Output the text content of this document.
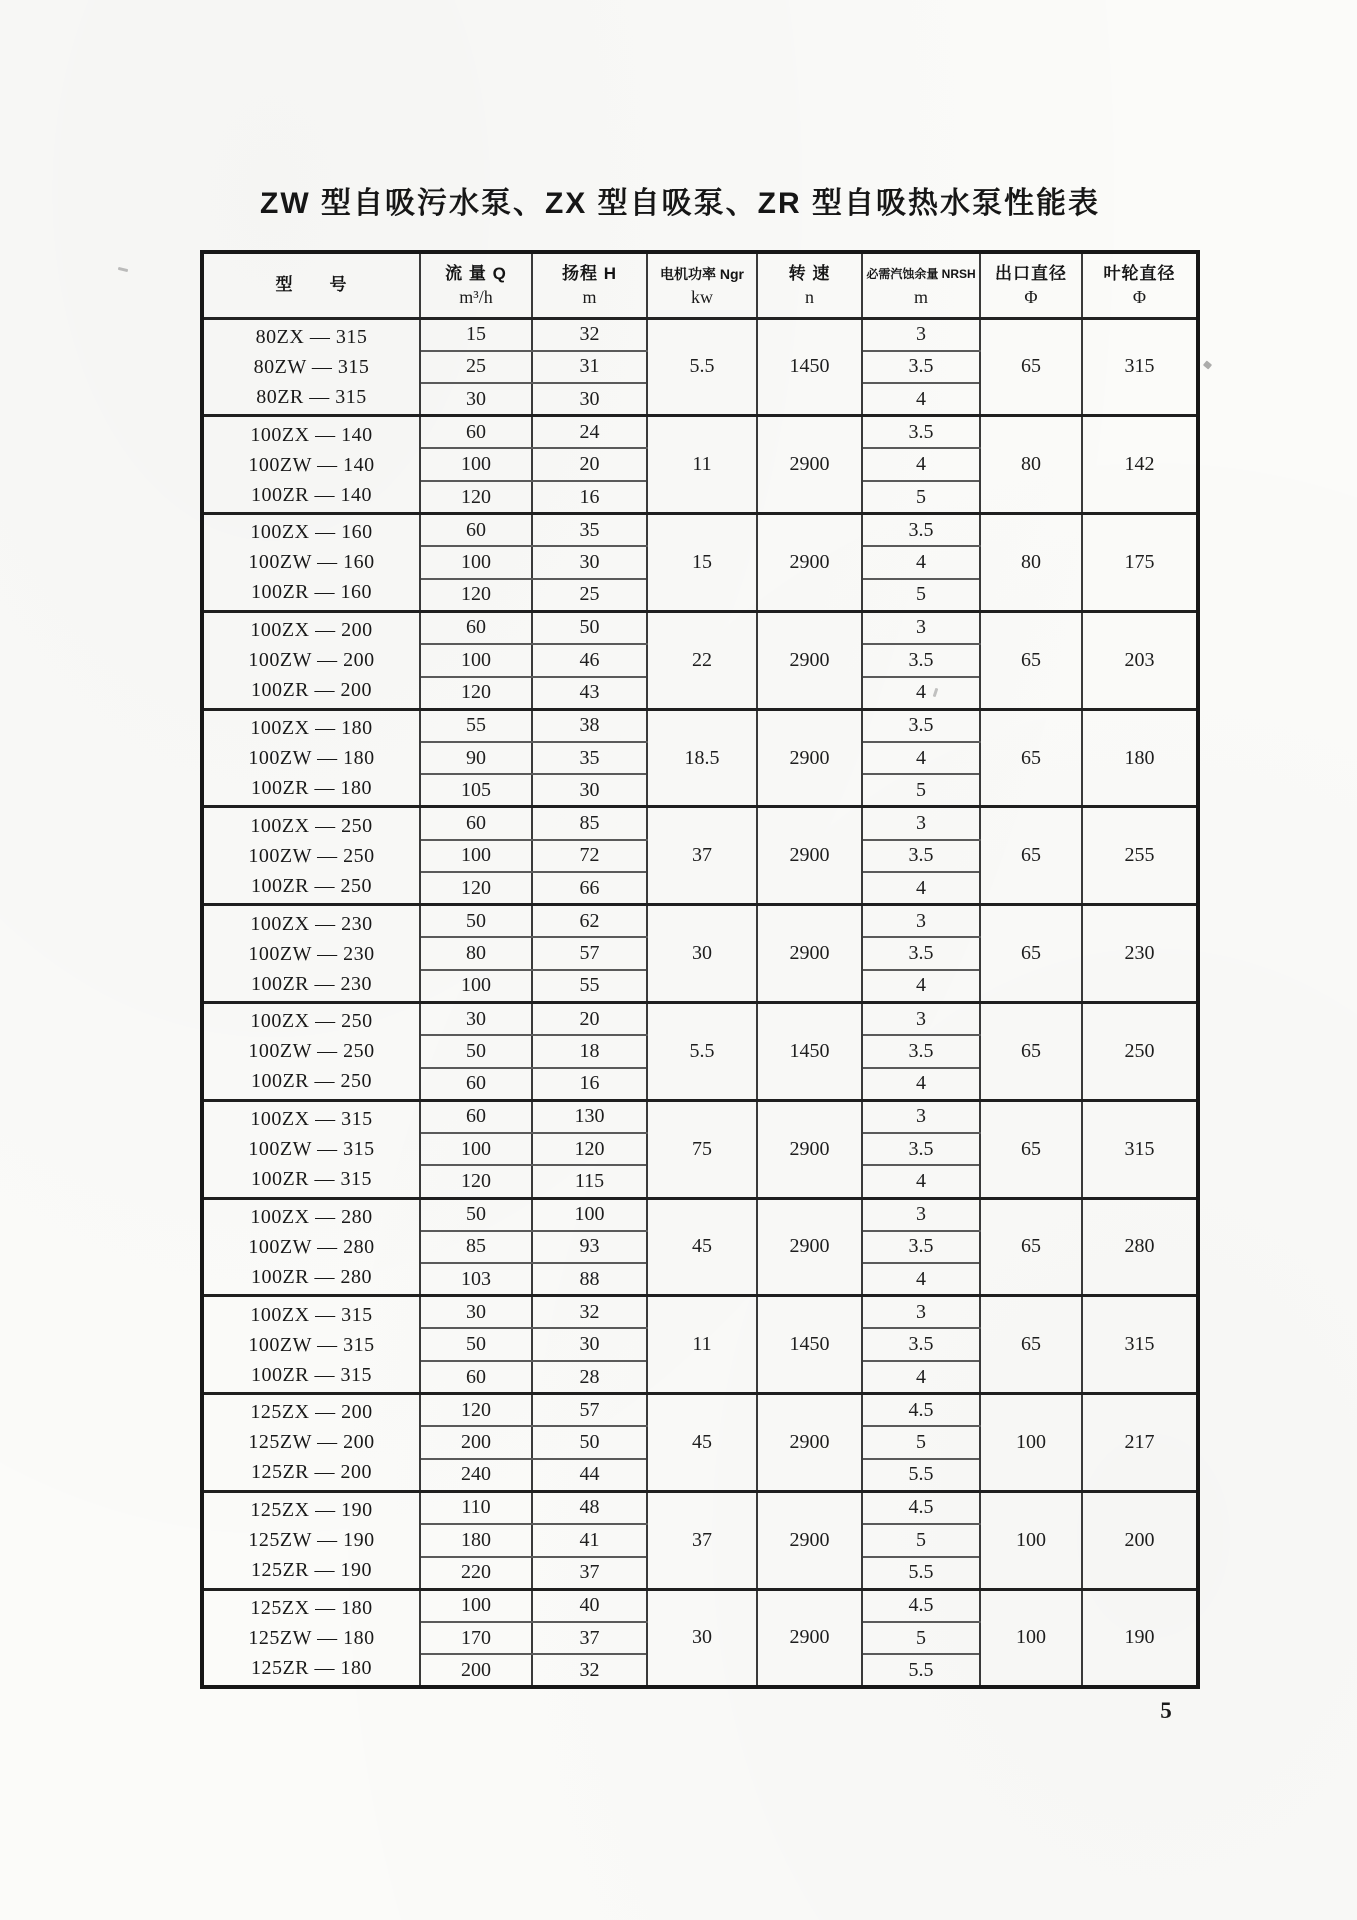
ZW 型自吸污水泵、ZX 型自吸泵、ZR 型自吸热水泵性能表
型　　号

流 量 Q
m³/h

扬程 H
m

电机功率 Ngr
kw

转 速
n

必需汽蚀余量 NRSH
m

出口直径
Φ

叶轮直径
Φ

80ZX — 315
80ZW — 315
80ZR — 315	15	32	5.5	1450	3	65	315
	25	31			3.5		
	30	30			4		

100ZX — 140
100ZW — 140
100ZR — 140	60	24	11	2900	3.5	80	142
	100	20			4		
	120	16			5		

100ZX — 160
100ZW — 160
100ZR — 160	60	35	15	2900	3.5	80	175
	100	30			4		
	120	25			5		

100ZX — 200
100ZW — 200
100ZR — 200	60	50	22	2900	3	65	203
	100	46			3.5		
	120	43			4		

100ZX — 180
100ZW — 180
100ZR — 180	55	38	18.5	2900	3.5	65	180
	90	35			4		
	105	30			5		

100ZX — 250
100ZW — 250
100ZR — 250	60	85	37	2900	3	65	255
	100	72			3.5		
	120	66			4		

100ZX — 230
100ZW — 230
100ZR — 230	50	62	30	2900	3	65	230
	80	57			3.5		
	100	55			4		

100ZX — 250
100ZW — 250
100ZR — 250	30	20	5.5	1450	3	65	250
	50	18			3.5		
	60	16			4		

100ZX — 315
100ZW — 315
100ZR — 315	60	130	75	2900	3	65	315
	100	120			3.5		
	120	115			4		

100ZX — 280
100ZW — 280
100ZR — 280	50	100	45	2900	3	65	280
	85	93			3.5		
	103	88			4		

100ZX — 315
100ZW — 315
100ZR — 315	30	32	11	1450	3	65	315
	50	30			3.5		
	60	28			4		

125ZX — 200
125ZW — 200
125ZR — 200	120	57	45	2900	4.5	100	217
	200	50			5		
	240	44			5.5		

125ZX — 190
125ZW — 190
125ZR — 190	110	48	37	2900	4.5	100	200
	180	41			5		
	220	37			5.5		

125ZX — 180
125ZW — 180
125ZR — 180	100	40	30	2900	4.5	100	190
	170	37			5		
	200	32			5.5		
5
